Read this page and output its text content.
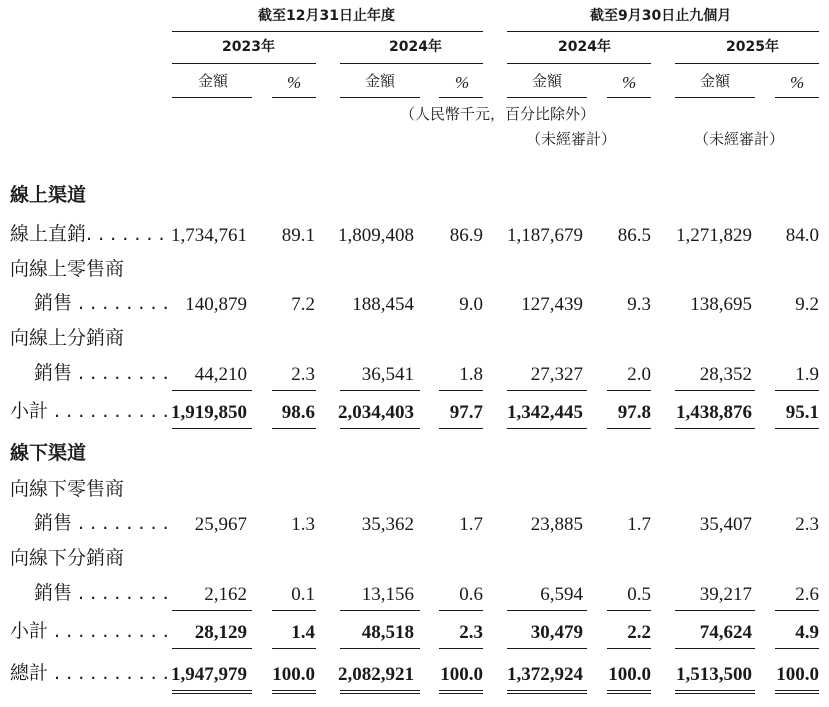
截至12月31日止年度	截至9月30日止九個月
2023年	2024年	2024年	2025年
金額	%	金額	%	金額	%	金額	%
（人民幣千元，百分比除外）
（未經審計）	（未經審計）
線上渠道
線上直銷. . . . . . . 1,734,761 89.1 1,809,408 86.9 1,187,679 86.5 1,271,829 84.0
向線上零售商
銷售 . . . . . . . . 140,879 7.2 188,454 9.0 127,439 9.3 138,695 9.2
向線上分銷商
銷售 . . . . . . . . 44,210 2.3 36,541 1.8	27,327 2.0	28,352 1.9
小計 . . . . . . . . . . 1,919,850 98.6 2,034,403 97.7 1,342,445 97.8 1,438,876 95.1
線下渠道
向線下零售商
銷售 . . . . . . . . 25,967 1.3 35,362 1.7	23,885 1.7	35,407 2.3
向線下分銷商
銷售 . . . . . . . . 2,162 0.1 13,156 0.6	6,594 0.5	39,217 2.6
小計 . . . . . . . . . . 28,129 1.4 48,518 2.3	30,479 2.2	74,624 4.9
總計 . . . . . . . . . . 1,947,979 100.0 2,082,921 100.0 1,372,924 100.0 1,513,500 100.0
